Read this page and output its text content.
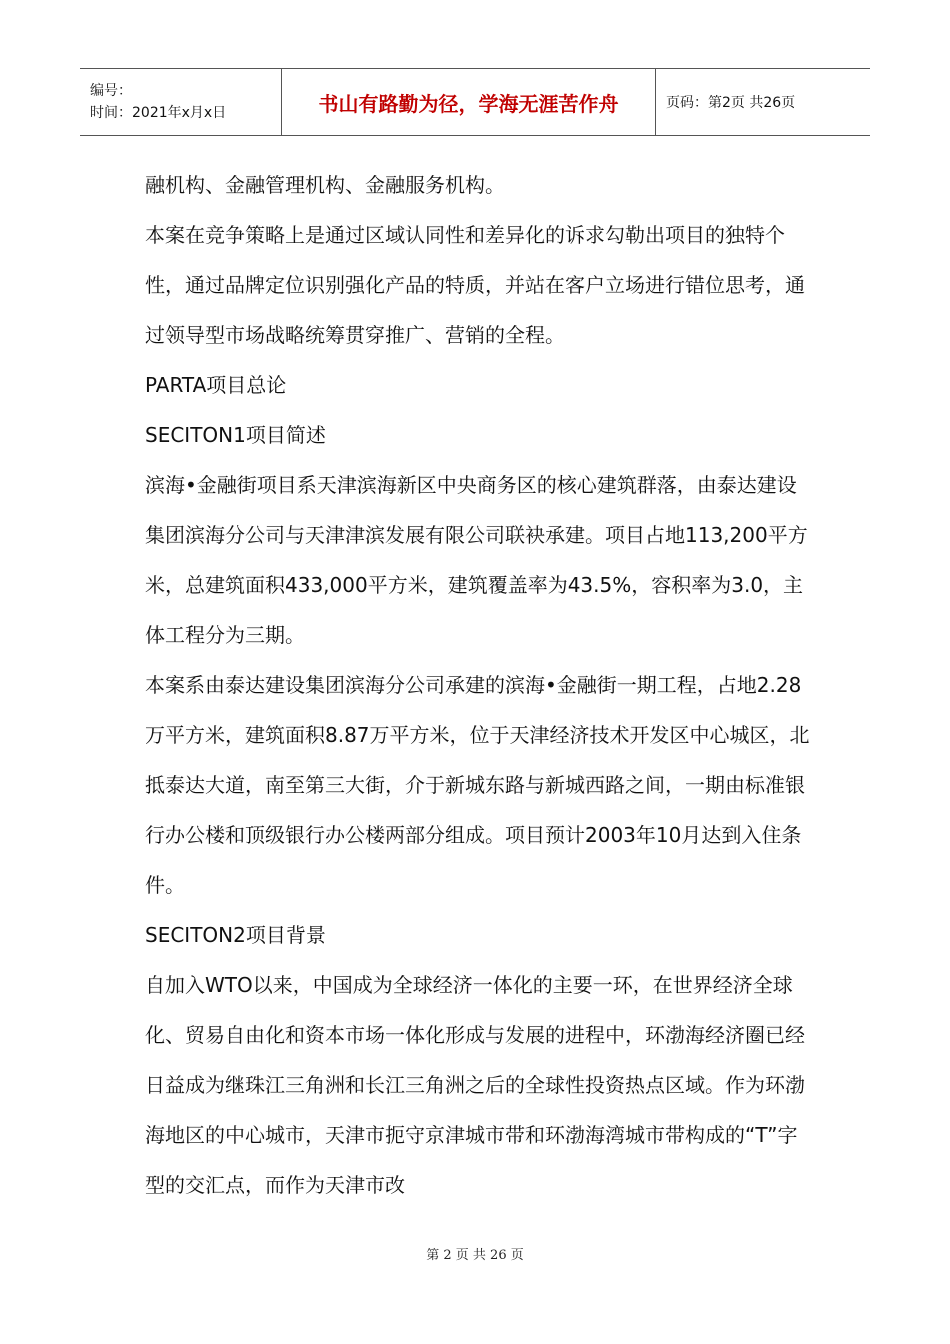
编号：
时间：2021年x月x日	书山有路勤为径，学海无涯苦作舟	页码：第2页 共26页

融机构、金融管理机构、金融服务机构。

本案在竞争策略上是通过区域认同性和差异化的诉求勾勒出项目的独特个性，通过品牌定位识别强化产品的特质，并站在客户立场进行错位思考，通过领导型市场战略统筹贯穿推广、营销的全程。

PARTA项目总论

SECITON1项目简述

滨海•金融街项目系天津滨海新区中央商务区的核心建筑群落，由泰达建设集团滨海分公司与天津津滨发展有限公司联袂承建。项目占地113,200平方米，总建筑面积433,000平方米，建筑覆盖率为43.5%，容积率为3.0，主体工程分为三期。

本案系由泰达建设集团滨海分公司承建的滨海•金融街一期工程，占地2.28万平方米，建筑面积8.87万平方米，位于天津经济技术开发区中心城区，北抵泰达大道，南至第三大街，介于新城东路与新城西路之间，一期由标准银行办公楼和顶级银行办公楼两部分组成。项目预计2003年10月达到入住条件。

SECITON2项目背景

自加入WTO以来，中国成为全球经济一体化的主要一环，在世界经济全球化、贸易自由化和资本市场一体化形成与发展的进程中，环渤海经济圈已经日益成为继珠江三角洲和长江三角洲之后的全球性投资热点区域。作为环渤海地区的中心城市，天津市扼守京津城市带和环渤海湾城市带构成的“T”字型的交汇点，而作为天津市改

第 2 页 共 26 页
